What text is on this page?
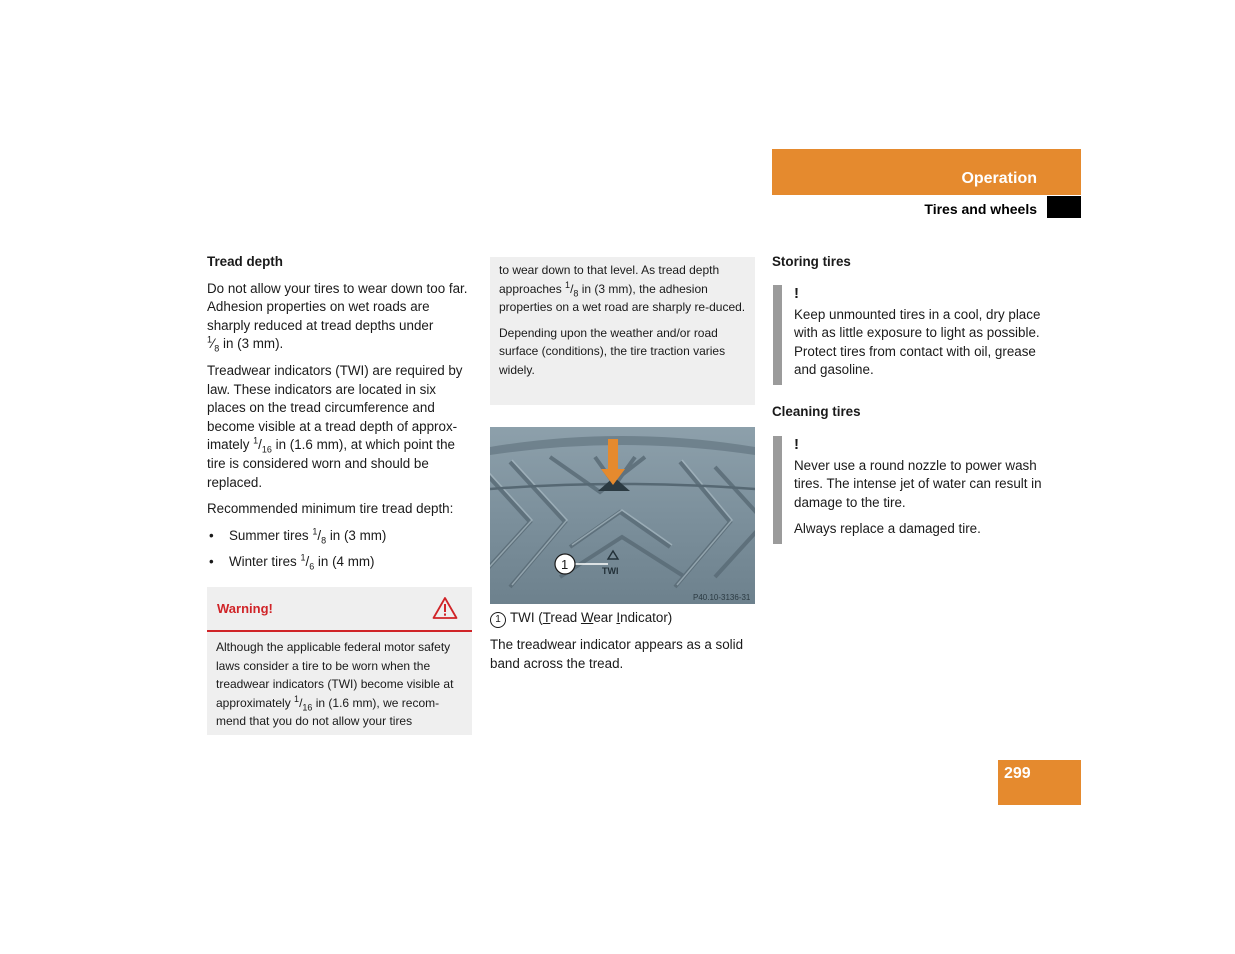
Operation
Tires and wheels
Tread depth

Do not allow your tires to wear down too far. Adhesion properties on wet roads are sharply reduced at tread depths under
$^1⁄_8$ in (3 mm).

Treadwear indicators (TWI) are required by law. These indicators are located in six places on the tread circumference and become visible at a tread depth of approx-imately $^1/_{16}$ in (1.6 mm), at which point the tire is considered worn and should be replaced.

Recommended minimum tire tread depth:

• Summer tires $^1/_8$ in (3 mm)
• Winter tires $^1/_6$ in (4 mm)
Warning!
Although the applicable federal motor safety laws consider a tire to be worn when the treadwear indicators (TWI) become visible at approximately $^1/_{16}$ in (1.6 mm), we recom-mend that you do not allow your tires

to wear down to that level. As tread depth approaches $^1/_8$ in (3 mm), the adhesion properties on a wet road are sharply re-duced.

Depending upon the weather and/or road surface (conditions), the tire traction varies widely.

TWI
1
P40.10-3136-31

1 TWI (Tread Wear Indicator)

The treadwear indicator appears as a solid band across the tread.

Storing tires
!

Keep unmounted tires in a cool, dry place with as little exposure to light as possible. Protect tires from contact with oil, grease and gasoline.

Cleaning tires
!

Never use a round nozzle to power wash tires. The intense jet of water can result in damage to the tire.

Always replace a damaged tire.

299
